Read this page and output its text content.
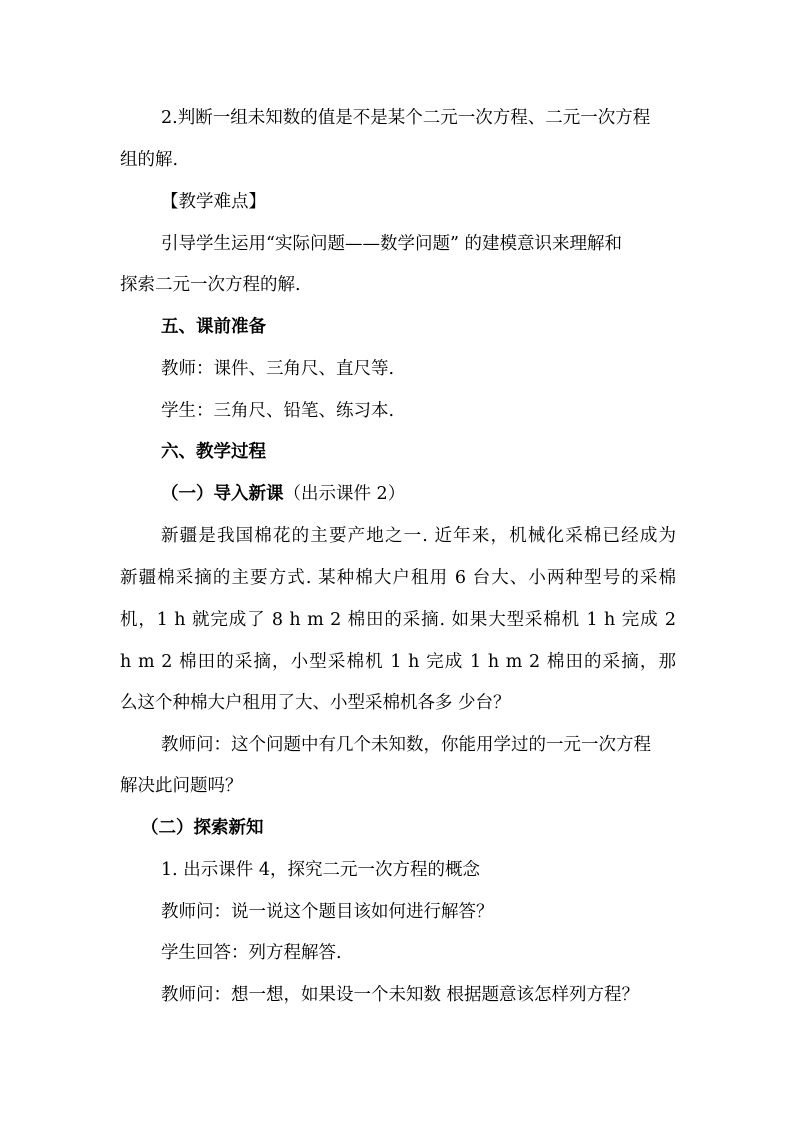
2.判断一组未知数的值是不是某个二元一次方程、二元一次方程

组的解.

【教学难点】

引导学生运用“实际问题——数学问题” 的建模意识来理解和

探索二元一次方程的解.

五、课前准备

教师：课件、三角尺、直尺等.

学生：三角尺、铅笔、练习本.

六、教学过程

（一）导入新课（出示课件 2）

新疆是我国棉花的主要产地之一. 近年来，机械化采棉已经成为
新疆棉采摘的主要方式. 某种棉大户租用 6 台大、小两种型号的采棉
机，1 h 就完成了 8 h m 2 棉田的采摘. 如果大型采棉机 1 h 完成 2
h m 2 棉田的采摘，小型采棉机 1 h 完成 1 h m 2 棉田的采摘，那

么这个种棉大户租用了大、小型采棉机各多 少台？

教师问：这个问题中有几个未知数，你能用学过的一元一次方程

解决此问题吗？

（二）探索新知

1. 出示课件 4，探究二元一次方程的概念

教师问：说一说这个题目该如何进行解答？

学生回答：列方程解答.

教师问：想一想，如果设一个未知数 根据题意该怎样列方程？
